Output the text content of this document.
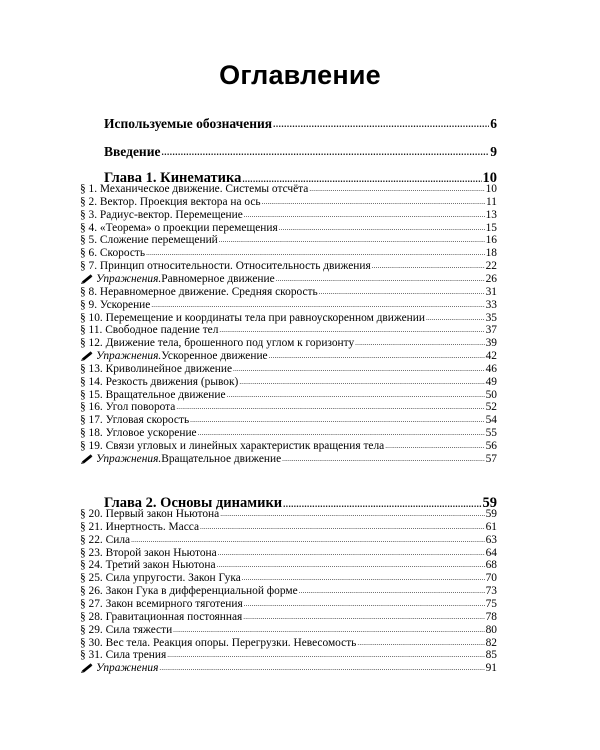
Оглавление
Используемые обозначения .....	6
Введение .....	9
Глава 1. Кинематика .....	10
§ 1. Механическое движение. Системы отсчёта .....	10
§ 2. Вектор. Проекция вектора на ось .....	11
§ 3. Радиус-вектор. Перемещение .....	13
§ 4. «Теорема» о проекции перемещения .....	15
§ 5. Сложение перемещений .....	16
§ 6. Скорость .....	18
§ 7. Принцип относительности. Относительность движения .....	22
Упражнения. Равномерное движение .....	26
§ 8. Неравномерное движение. Средняя скорость .....	31
§ 9. Ускорение .....	33
§ 10. Перемещение и координаты тела при равноускоренном движении .....	35
§ 11. Свободное падение тел .....	37
§ 12. Движение тела, брошенного под углом к горизонту .....	39
Упражнения. Ускоренное движение .....	42
§ 13. Криволинейное движение .....	46
§ 14. Резкость движения (рывок) .....	49
§ 15. Вращательное движение .....	50
§ 16. Угол поворота .....	52
§ 17. Угловая скорость .....	54
§ 18. Угловое ускорение .....	55
§ 19. Связи угловых и линейных характеристик вращения тела .....	56
Упражнения. Вращательное движение .....	57
Глава 2. Основы динамики .....	59
§ 20. Первый закон Ньютона .....	59
§ 21. Инертность. Масса .....	61
§ 22. Сила .....	63
§ 23. Второй закон Ньютона .....	64
§ 24. Третий закон Ньютона .....	68
§ 25. Сила упругости. Закон Гука .....	70
§ 26. Закон Гука в дифференциальной форме .....	73
§ 27. Закон всемирного тяготения .....	75
§ 28. Гравитационная постоянная .....	78
§ 29. Сила тяжести .....	80
§ 30. Вес тела. Реакция опоры. Перегрузки. Невесомость .....	82
§ 31. Сила трения .....	85
Упражнения .....	91
